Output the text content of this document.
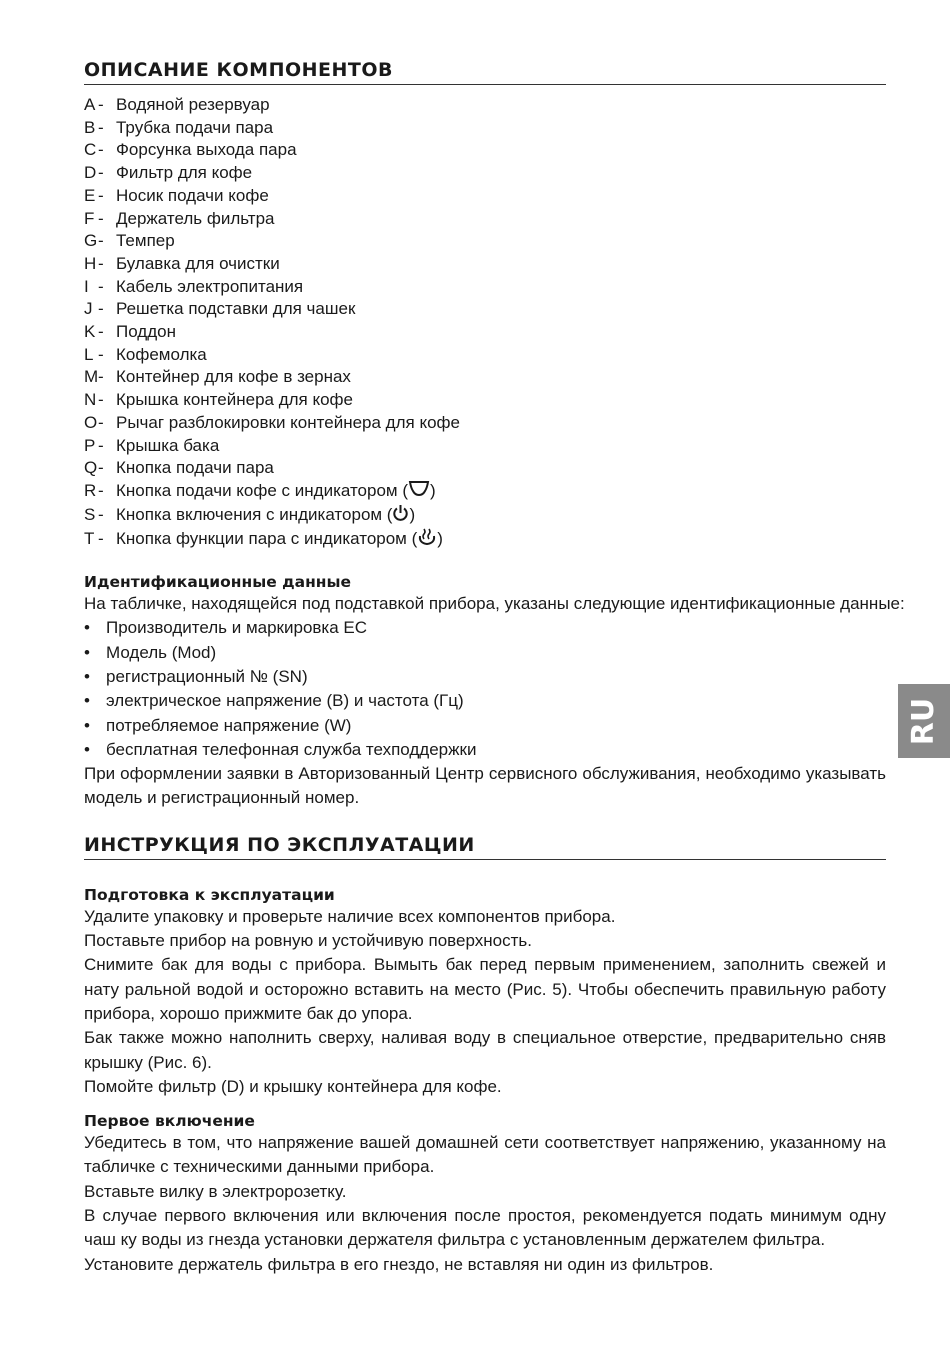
ОПИСАНИЕ КОМПОНЕНТОВ
A - Водяной резервуар
B - Трубка подачи пара
C - Форсунка выхода пара
D - Фильтр для кофе
E - Носик подачи кофе
F - Держатель фильтра
G - Темпер
H - Булавка для очистки
I - Кабель электропитания
J - Решетка подставки для чашек
K - Поддон
L - Кофемолка
M - Контейнер для кофе в зернах
N - Крышка контейнера для кофе
O - Рычаг разблокировки контейнера для кофе
P - Крышка бака
Q - Кнопка подачи пара
R - Кнопка подачи кофе с индикатором ( )
S - Кнопка включения с индикатором ( )
T - Кнопка функции пара с индикатором ( )
Идентификационные данные

На табличке, находящейся под подставкой прибора, указаны следующие идентификационные данные:

• Производитель и маркировка ЕС
• Модель (Mod)
• регистрационный № (SN)
• электрическое напряжение (В) и частота (Гц)
• потребляемое напряжение (W)
• бесплатная телефонная служба техподдержки

При оформлении заявки в Авторизованный Центр сервисного обслуживания, необходимо указывать модель и регистрационный номер.

ИНСТРУКЦИЯ ПО ЭКСПЛУАТАЦИИ
Подготовка к эксплуатации

Удалите упаковку и проверьте наличие всех компонентов прибора.

Поставьте прибор на ровную и устойчивую поверхность.

Снимите бак для воды с прибора. Вымыть бак перед первым применением, заполнить свежей и нату ральной водой и осторожно вставить на место (Рис. 5). Чтобы обеспечить правильную работу прибора, хорошо прижмите бак до упора.

Бак также можно наполнить сверху, наливая воду в специальное отверстие, предварительно сняв крышку (Рис. 6).

Помойте фильтр (D) и крышку контейнера для кофе.

Первое включение

Убедитесь в том, что напряжение вашей домашней сети соответствует напряжению, указанному на табличке с техническими данными прибора.

Вставьте вилку в электророзетку.

В случае первого включения или включения после простоя, рекомендуется подать минимум одну чаш ку воды из гнезда установки держателя фильтра с установленным держателем фильтра.

Установите держатель фильтра в его гнездо, не вставляя ни один из фильтров.

RU
